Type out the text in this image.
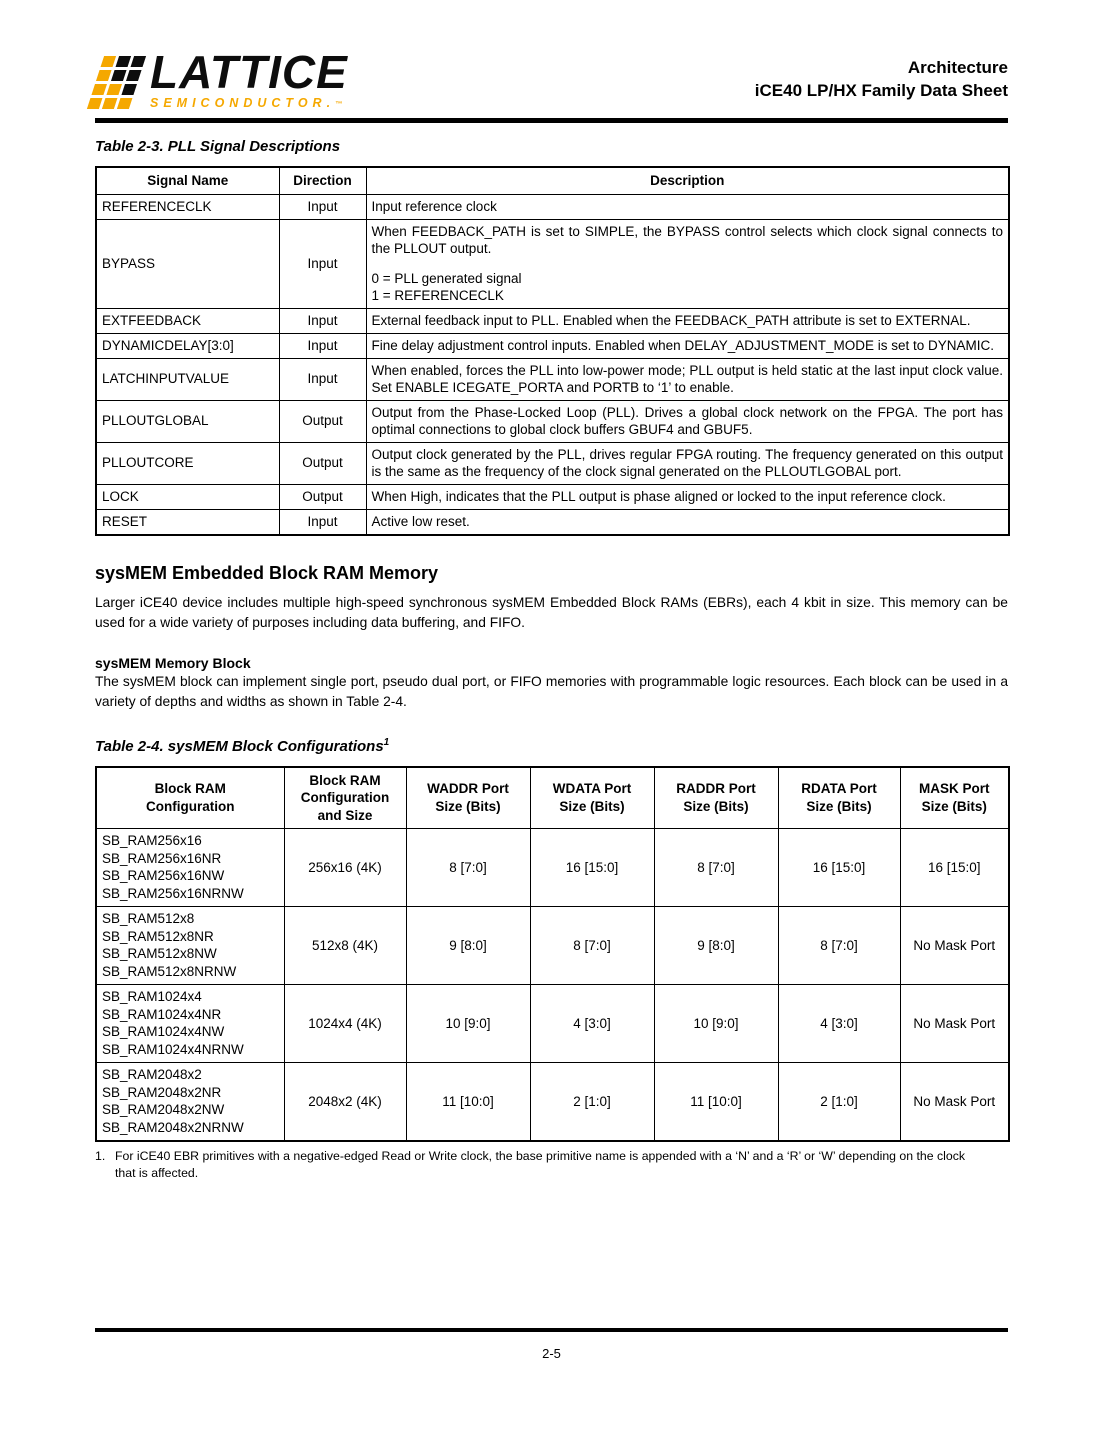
LATTICE
SEMICONDUCTOR.™
Architecture
iCE40 LP/HX Family Data Sheet
Table 2-3. PLL Signal Descriptions
Signal Name	Direction	Description
REFERENCECLK	Input	Input reference clock

BYPASS	Input	When FEEDBACK_PATH is set to SIMPLE, the BYPASS control selects which clock signal connects to the PLLOUT output.

0 = PLL generated signal
1 = REFERENCECLK

EXTFEEDBACK	Input	External feedback input to PLL. Enabled when the FEEDBACK_PATH attribute is set to EXTERNAL.

DYNAMICDELAY[3:0]	Input	Fine delay adjustment control inputs. Enabled when DELAY_ADJUSTMENT_MODE is set to DYNAMIC.

LATCHINPUTVALUE	Input	When enabled, forces the PLL into low-power mode; PLL output is held static at the last input clock value. Set ENABLE ICEGATE_PORTA and PORTB to ‘1’ to enable.

PLLOUTGLOBAL	Output	Output from the Phase-Locked Loop (PLL). Drives a global clock network on the FPGA. The port has optimal connections to global clock buffers GBUF4 and GBUF5.

PLLOUTCORE	Output	Output clock generated by the PLL, drives regular FPGA routing. The frequency generated on this output is the same as the frequency of the clock signal generated on the PLLOUTLGOBAL port.

LOCK	Output	When High, indicates that the PLL output is phase aligned or locked to the input reference clock.

RESET	Input	Active low reset.

sysMEM Embedded Block RAM Memory

Larger iCE40 device includes multiple high-speed synchronous sysMEM Embedded Block RAMs (EBRs), each 4 kbit in size. This memory can be used for a wide variety of purposes including data buffering, and FIFO.

sysMEM Memory Block

The sysMEM block can implement single port, pseudo dual port, or FIFO memories with programmable logic resources. Each block can be used in a variety of depths and widths as shown in Table 2-4.

Table 2-4. sysMEM Block Configurations$^1$
Block RAM
Configuration	Block RAM
Configuration
and Size	WADDR Port
Size (Bits)	WDATA Port
Size (Bits)	RADDR Port
Size (Bits)	RDATA Port
Size (Bits)	MASK Port
Size (Bits)
SB_RAM256x16
SB_RAM256x16NR
SB_RAM256x16NW
SB_RAM256x16NRNW	256x16 (4K)	8 [7:0]	16 [15:0]	8 [7:0]	16 [15:0]	16 [15:0]
SB_RAM512x8
SB_RAM512x8NR
SB_RAM512x8NW
SB_RAM512x8NRNW	512x8 (4K)	9 [8:0]	8 [7:0]	9 [8:0]	8 [7:0]	No Mask Port
SB_RAM1024x4
SB_RAM1024x4NR
SB_RAM1024x4NW
SB_RAM1024x4NRNW	1024x4 (4K)	10 [9:0]	4 [3:0]	10 [9:0]	4 [3:0]	No Mask Port
SB_RAM2048x2
SB_RAM2048x2NR
SB_RAM2048x2NW
SB_RAM2048x2NRNW	2048x2 (4K)	11 [10:0]	2 [1:0]	11 [10:0]	2 [1:0]	No Mask Port
1. For iCE40 EBR primitives with a negative-edged Read or Write clock, the base primitive name is appended with a ‘N’ and a ‘R’ or ‘W’ depending on the clock that is affected.
2-5
